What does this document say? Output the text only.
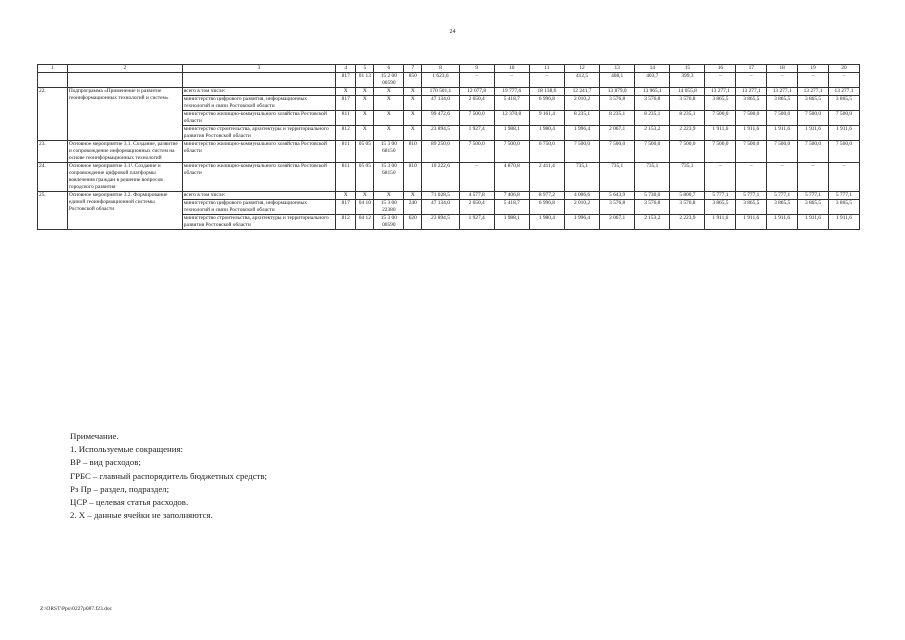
24
1	2	3	4	5	6	7	8	9	10	11	12	13	14	15	16	17	18	19	20
			817	01 13	15 2 00 00590	850	1 623,6	–	–	–	412,5	408,1	403,7	399,3	–	–	–	–	–
22.	Подпрограмма «Применение и развитие геоинформационных технологий и систем»	всего в том числе:	Х	Х	Х	Х	170 501,1	12 077,8	19 777,6	18 138,6	12 241,7	13 879,0	13 965,1	14 055,8	13 277,1	13 277,1	13 277,1	13 277,1	13 277,1
		министерство цифрового развития, информационных технологий и связи Ростовской области	817	Х	Х	Х	47 134,0	2 650,4	5 418,7	6 996,8	2 010,2	3 576,8	3 576,8	3 576,8	3 865,5	3 865,5	3 865,5	3 865,5	3 865,5
		министерство жилищно-коммунального хозяйства Ростовской области	811	Х	Х	Х	99 472,6	7 500,0	12 370,8	9 161,4	8 235,1	8 235,1	8 235,1	8 235,1	7 500,0	7 500,0	7 500,0	7 500,0	7 500,0
		министерство строительства, архитектуры и территориального развития Ростовской области	812	Х	Х	Х	23 894,5	1 927,4	1 988,1	1 980,4	1 996,4	2 067,1	2 153,2	2 223,9	1 911,6	1 911,6	1 911,6	1 911,6	1 911,6
23.	Основное мероприятие 3.1. Создание, развитие и сопровождение информационных систем на основе геоинформационных технологий	министерство жилищно-коммунального хозяйства Ростовской области	811	05 05	15 3 00 68150	810	89 250,0	7 500,0	7 500,0	6 750,0	7 500,0	7 500,0	7 500,0	7 500,0	7 500,0	7 500,0	7 500,0	7 500,0	7 500,0
24.	Основное мероприятие 3.1¹. Создание и сопровождение цифровой платформы вовлечения граждан в решение вопросов городского развития	министерство жилищно-коммунального хозяйства Ростовской области	811	05 05	15 3 00 68150	810	10 222,6	–	4 870,8	2 411,4	735,1	735,1	735,1	735,1	–	–	–	–	–
25.	Основное мероприятие 3.2. Формирование единой геоинформационной системы Ростовской области	всего в том числе:	Х	Х	Х	Х	71 028,5	4 577,8	7 406,8	8 977,2	4 006,6	5 643,9	5 730,0	5 800,7	5 777,1	5 777,1	5 777,1	5 777,1	5 777,1
		министерство цифрового развития, информационных технологий и связи Ростовской области	817	04 10	15 3 00 22380	240	47 134,0	2 650,4	5 418,7	6 996,8	2 010,2	3 576,8	3 576,8	3 576,8	3 865,5	3 865,5	3 865,5	3 865,5	3 865,5
		министерство строительства, архитектуры и территориального развития Ростовской области	812	04 12	15 3 00 00590	620	23 894,5	1 927,4	1 988,1	1 980,4	1 996,4	2 067,1	2 153,2	2 223,9	1 911,6	1 911,6	1 911,6	1 911,6	1 911,6
Примечание.
1. Используемые сокращения:
ВР – вид расходов;
ГРБС – главный распорядитель бюджетных средств;
Рз Пр – раздел, подраздел;
ЦСР – целевая статья расходов.
2. Х – данные ячейки не заполняются.
Z:\ORST\Ppo\0227p087.f23.doc
